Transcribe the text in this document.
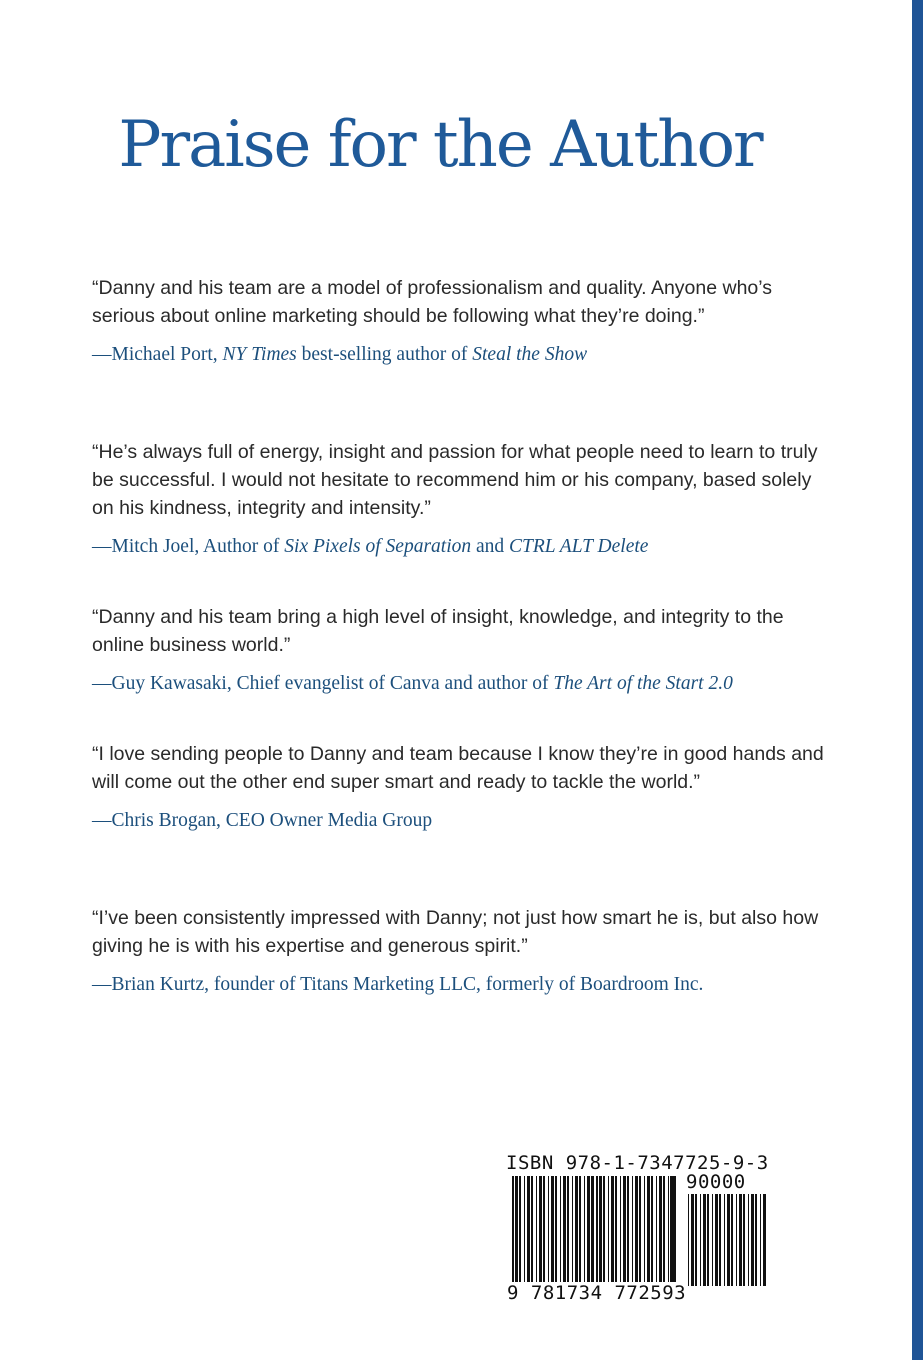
Praise for the Author

“Danny and his team are a model of professionalism and quality. Anyone who’s serious about online marketing should be following what they’re doing.”

—Michael Port, NY Times best-selling author of Steal the Show

“He’s always full of energy, insight and passion for what people need to learn to truly be successful. I would not hesitate to recommend him or his company, based solely on his kindness, integrity and intensity.”

—Mitch Joel, Author of Six Pixels of Separation and CTRL ALT Delete

“Danny and his team bring a high level of insight, knowledge, and integrity to the online business world.”

—Guy Kawasaki, Chief evangelist of Canva and author of The Art of the Start 2.0

“I love sending people to Danny and team because I know they’re in good hands and will come out the other end super smart and ready to tackle the world.”

—Chris Brogan, CEO Owner Media Group

“I’ve been consistently impressed with Danny; not just how smart he is, but also how giving he is with his expertise and generous spirit.”

—Brian Kurtz, founder of Titans Marketing LLC, formerly of Boardroom Inc.

ISBN 978-1-7347725-9-3

90000

9 781734 772593
